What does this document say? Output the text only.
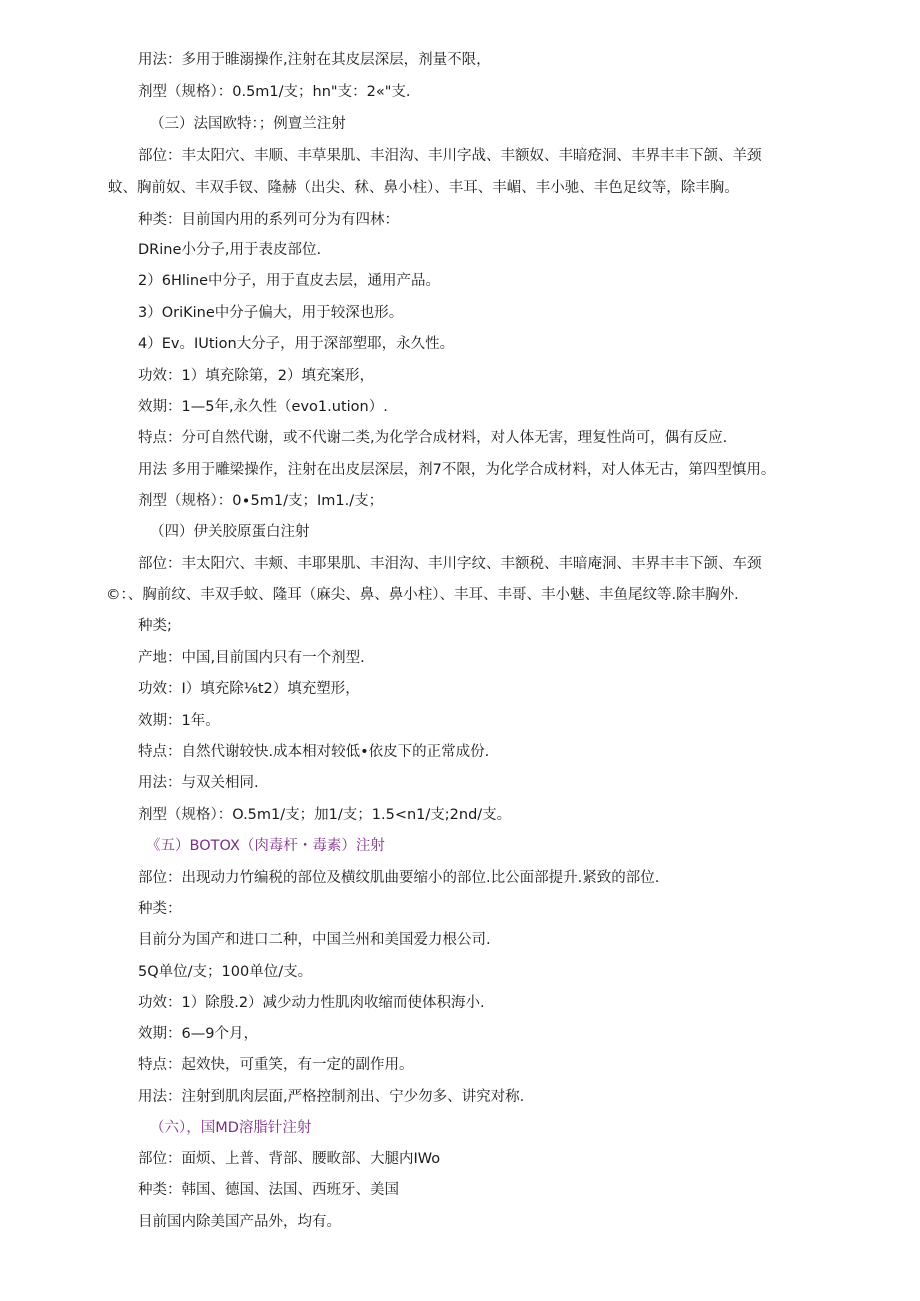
用法：多用于睢溺操作,注射在其皮层深层，剂量不限，
剂型（规格）：0.5m1∕支；hn"支：2«"支.
（三）法国欧特：；例亶兰注射
部位：丰太阳穴、丰顺、丰草果肌、丰泪沟、丰川字战、丰额奴、丰暗疮洞、丰界丰丰下颌、羊颈
蚊、胸前奴、丰双手钗、隆赫（出尖、秫、鼻小柱）、丰耳、丰嵋、丰小驰、丰色足纹等，除丰胸。
种类：目前国内用的系列可分为有四林：
DRine小分子,用于表皮部位.
2）6Hline中分子，用于直皮去层，通用产品。
3）OriKine中分子偏大，用于较深也形。
4）Ev。IUtion大分子，用于深部塑耶，永久性。
功效：1）填充除第，2）填充案形，
效期：1—5年,永久性（evo1.ution）.
特点：分可自然代谢，或不代谢二类,为化学合成材料，对人体无害，理复性尚可，偶有反应.
用法 多用于雕梁操作，注射在出皮层深层，剂7不限，为化学合成材料，对人体无古，第四型慎用。
剂型（规格）：0∙5m1∕支；Im1.∕支；
（四）伊关胶原蛋白注射
部位：丰太阳穴、丰颊、丰耶果肌、丰泪沟、丰川字纹、丰额税、丰暗庵洞、丰界丰丰下颌、车颈
©：、胸前纹、丰双手蚊、隆耳（麻尖、鼻、鼻小柱）、丰耳、丰哥、丰小魅、丰鱼尾纹等.除丰胸外.
种类;
产地：中国,目前国内只有一个剂型.
功效：I）填充除⅛t2）填充塑形，
效期：1年。
特点：自然代谢较快.成本相对较低•依皮下的正常成份.
用法：与双关相同.
剂型（规格）：O.5m1∕支；加1/支；1.5<n1∕支;2nd/支。
《五）BOTOX（肉毒杆・毒素）注射
部位：出现动力竹编税的部位及横纹肌曲要缩小的部位.比公面部提升.紧致的部位.
种类：
目前分为国产和进口二种，中国兰州和美国爱力根公司.
5Q单位/支；100单位/支。
功效：1）除殷.2）减少动力性肌肉收缩而使体积海小.
效期：6—9个月，
特点：起效快，可重笑，有一定的副作用。
用法：注射到肌肉层面,严格控制剂出、宁少勿多、讲究对称.
（六），国MD溶脂针注射
部位：面烦、上普、背部、腰畋部、大腿内IWo
种类：韩国、德国、法国、西班牙、美国
目前国内除美国产品外，均有。
